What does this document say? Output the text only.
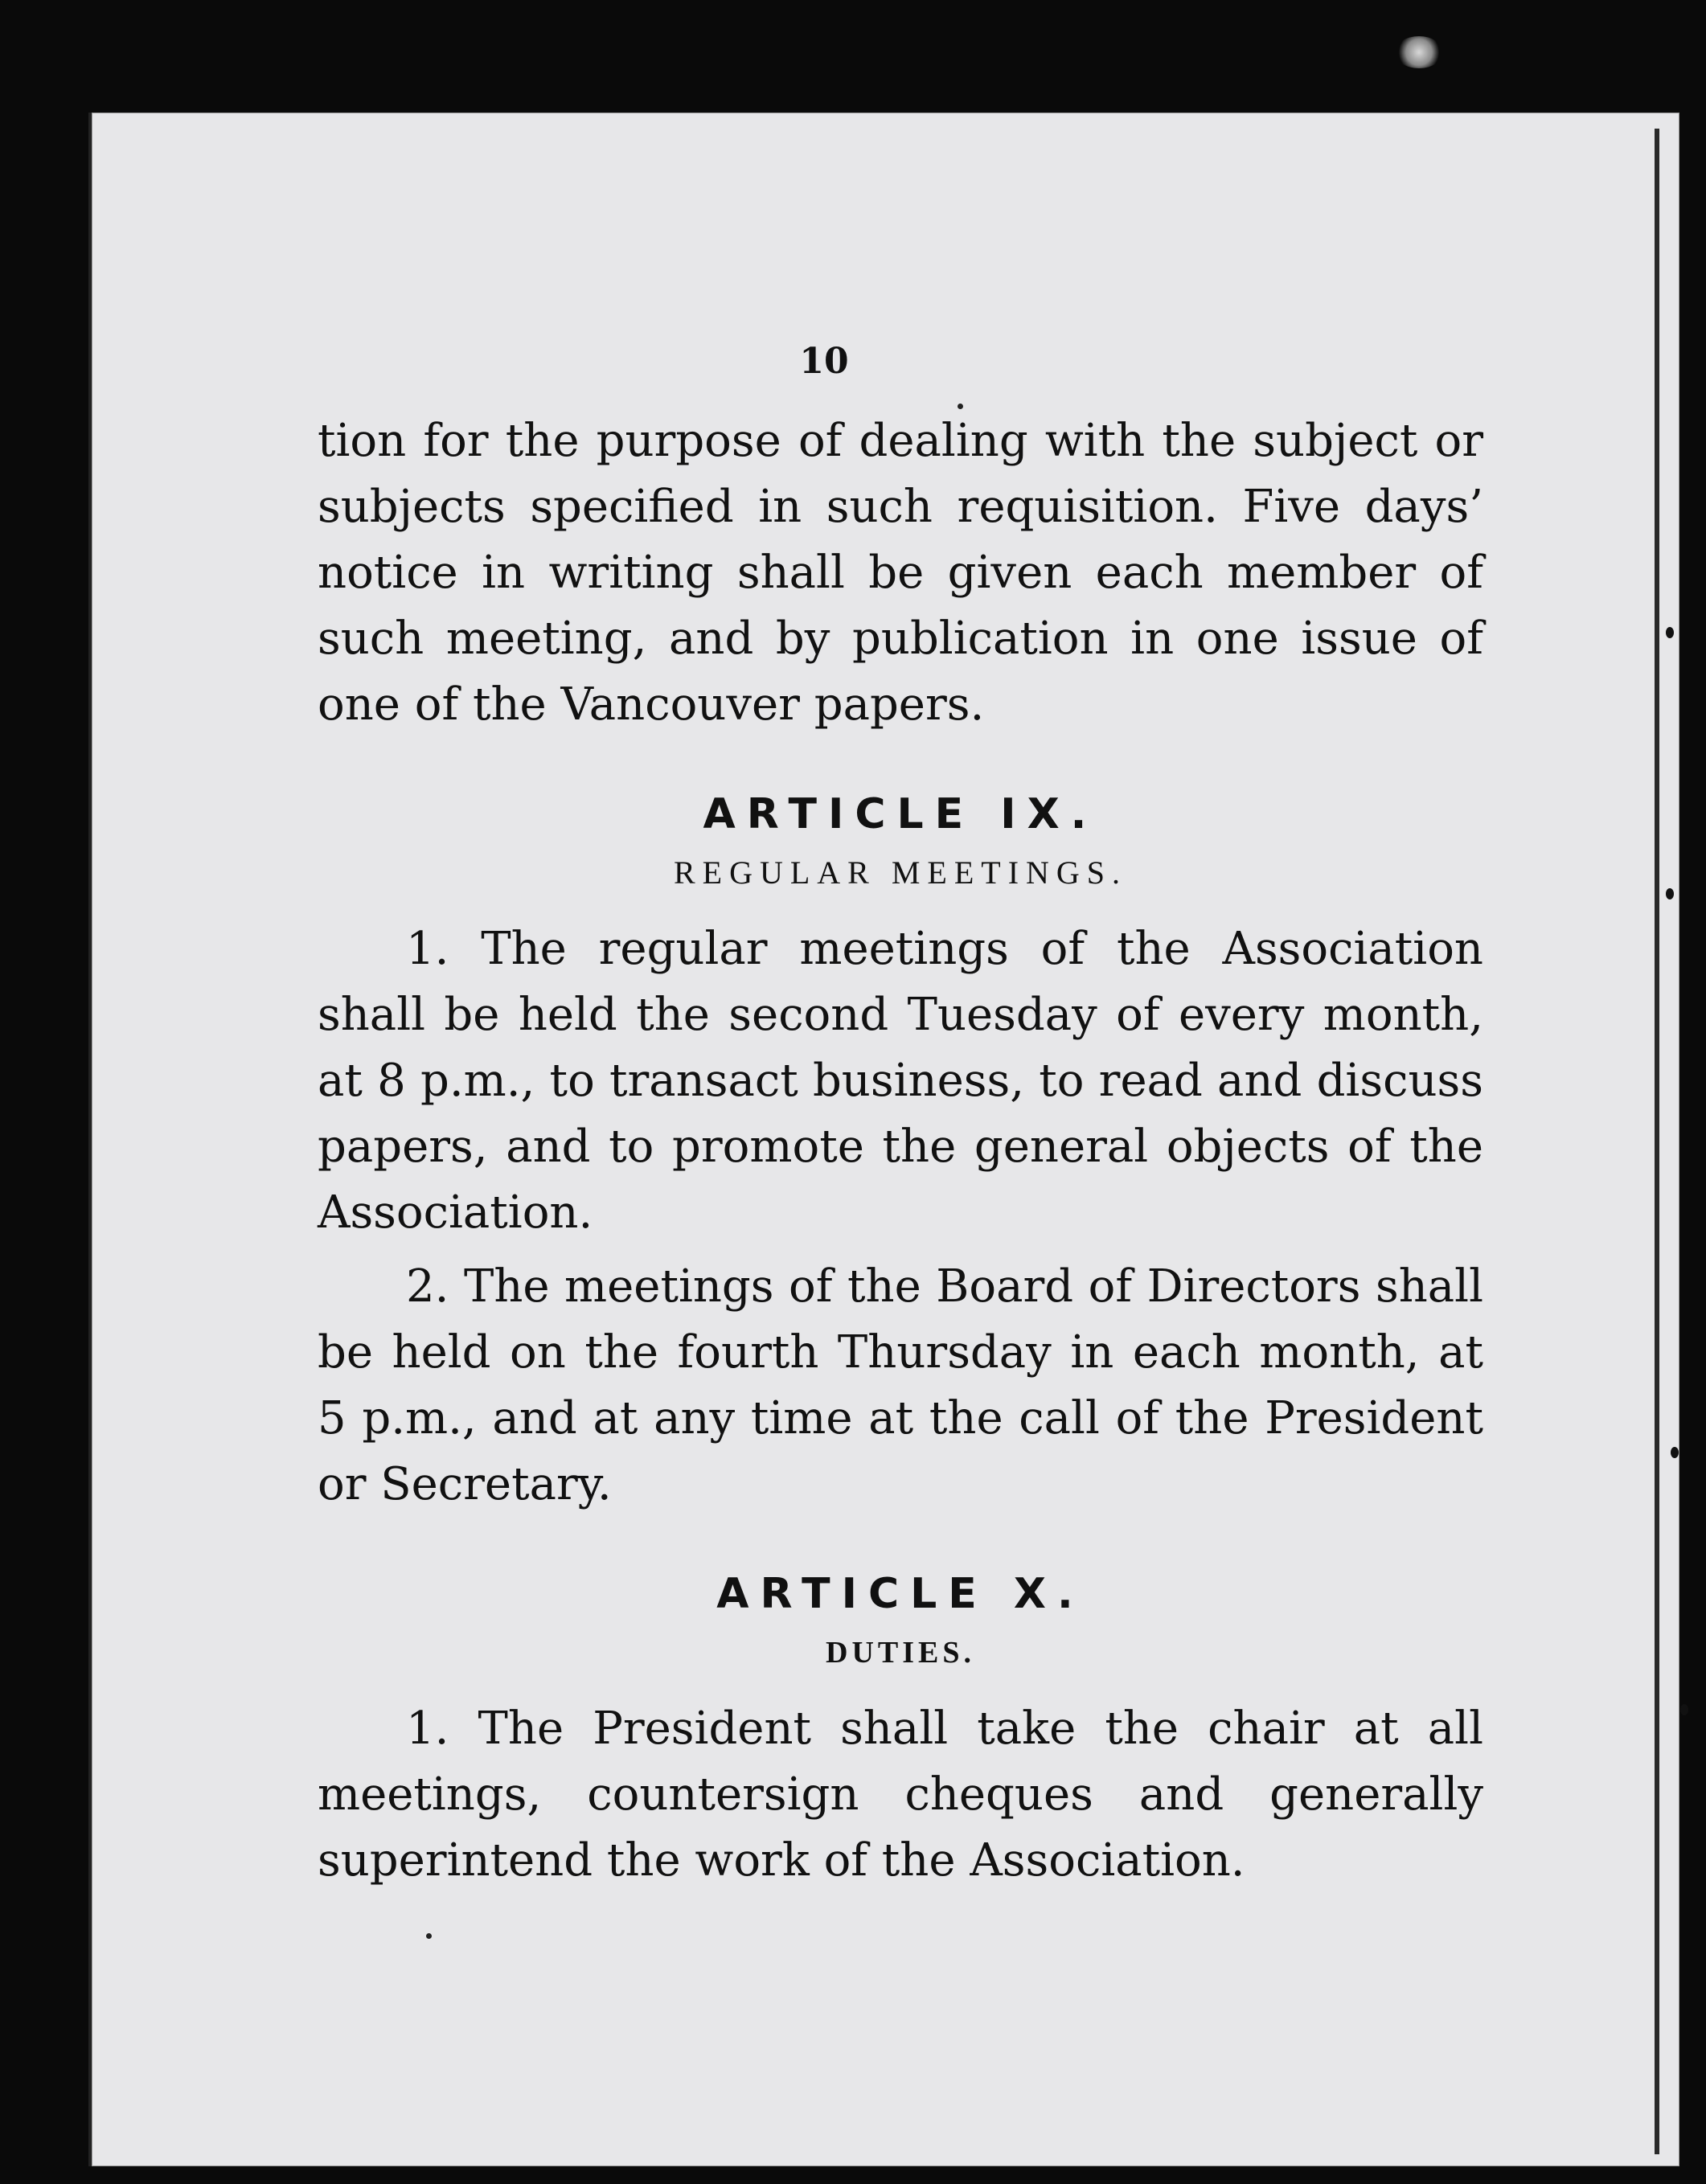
10

tion for the purpose of dealing with the subject or subjects specified in such requisition. Five days’ notice in writing shall be given each member of such meeting, and by publication in one issue of one of the Vancouver papers.

ARTICLE IX.
REGULAR MEETINGS.

1. The regular meetings of the Association shall be held the second Tuesday of every month, at 8 p.m., to transact business, to read and discuss papers, and to promote the general objects of the Association.

2. The meetings of the Board of Directors shall be held on the fourth Thursday in each month, at 5 p.m., and at any time at the call of the President or Secretary.

ARTICLE X.
DUTIES.

1. The President shall take the chair at all meetings, countersign cheques and generally superintend the work of the Association.
